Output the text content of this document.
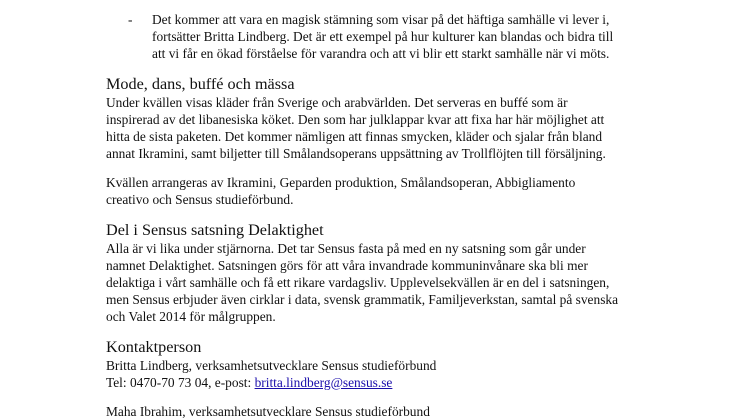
- Det kommer att vara en magisk stämning som visar på det häftiga samhälle vi lever i,
fortsätter Britta Lindberg. Det är ett exempel på hur kulturer kan blandas och bidra till
att vi får en ökad förståelse för varandra och att vi blir ett starkt samhälle när vi möts.
Mode, dans, buffé och mässa
Under kvällen visas kläder från Sverige och arabvärlden. Det serveras en buffé som är
inspirerad av det libanesiska köket. Den som har julklappar kvar att fixa har här möjlighet att
hitta de sista paketen. Det kommer nämligen att finnas smycken, kläder och sjalar från bland
annat Ikramini, samt biljetter till Smålandsoperans uppsättning av Trollflöjten till försäljning.
Kvällen arrangeras av Ikramini, Geparden produktion, Smålandsoperan, Abbigliamento
creativo och Sensus studieförbund.
Del i Sensus satsning Delaktighet
Alla är vi lika under stjärnorna. Det tar Sensus fasta på med en ny satsning som går under
namnet Delaktighet. Satsningen görs för att våra invandrade kommuninvånare ska bli mer
delaktiga i vårt samhälle och få ett rikare vardagsliv. Upplevelsekvällen är en del i satsningen,
men Sensus erbjuder även cirklar i data, svensk grammatik, Familjeverkstan, samtal på svenska
och Valet 2014 för målgruppen.
Kontaktperson
Britta Lindberg, verksamhetsutvecklare Sensus studieförbund
Tel: 0470-70 73 04, e-post: britta.lindberg@sensus.se
Maha Ibrahim, verksamhetsutvecklare Sensus studieförbund
